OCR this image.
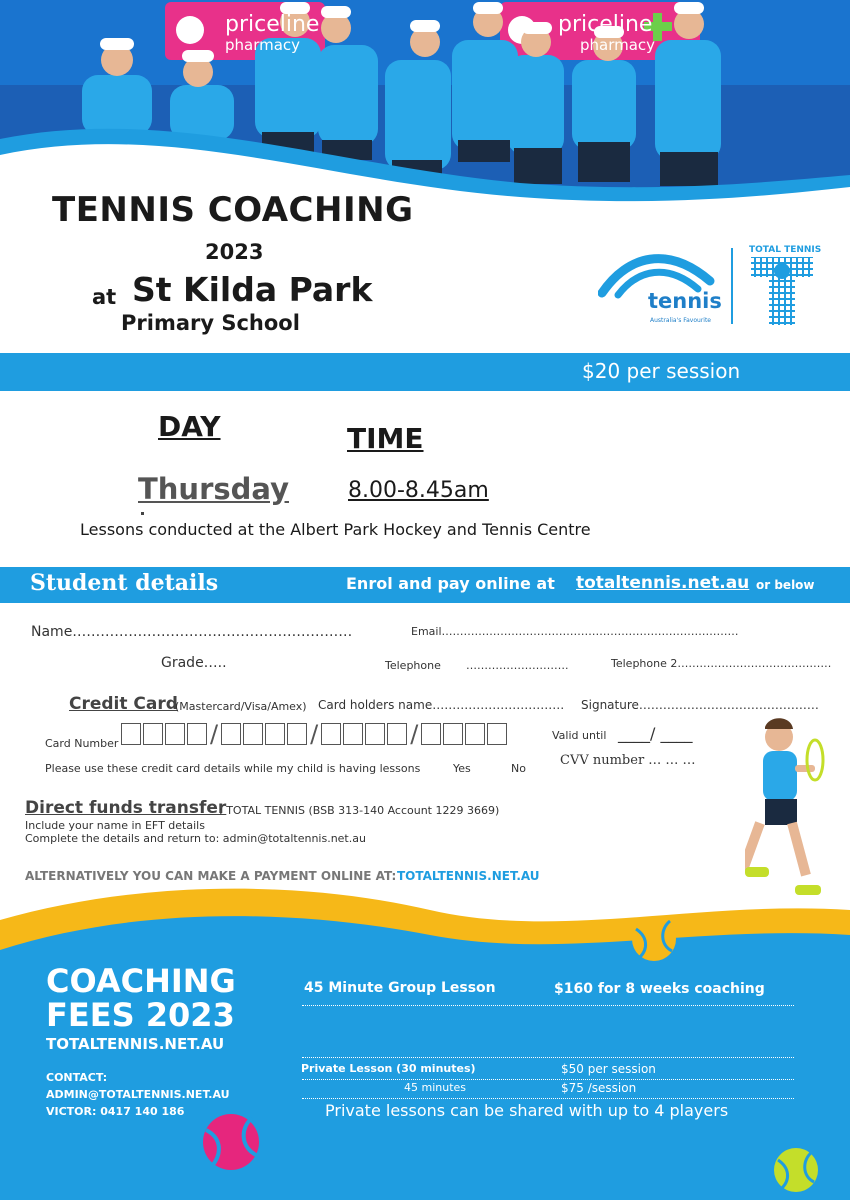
priceline
pharmacy
priceline
pharmacy
TENNIS COACHING
2023
at St Kilda Park
Primary School
tennis
Australia's Favourite
TOTAL TENNIS
$20 per session
DAY	TIME
Thursday	8.00-8.45am
Lessons conducted at the Albert Park Hockey and Tennis Centre
Student details	Enrol and pay online at totaltennis.net.au or below
Name……………………………………………………	Email………………………………………………………………………
Grade…..	Telephone ……………………….	Telephone 2……………………………………
Credit Card
(Mastercard/Visa/Amex) Card holders name…………………………… Signature………………………………………
Card Number	/	/	/	Valid until ____/ ____
CVV number … … …
Please use these credit card details while my child is having lessons	Yes	No
Direct funds transfer
: TOTAL TENNIS (BSB 313-140 Account 1229 3669)
Include your name in EFT details
Complete the details and return to: admin@totaltennis.net.au
ALTERNATIVELY YOU CAN MAKE A PAYMENT ONLINE AT: TOTALTENNIS.NET.AU
COACHING
FEES 2023
TOTALTENNIS.NET.AU
CONTACT:
ADMIN@TOTALTENNIS.NET.AU
VICTOR: 0417 140 186
45 Minute Group Lesson	$160 for 8 weeks coaching
Private Lesson (30 minutes)	$50 per session
45 minutes	$75 /session
Private lessons can be shared with up to 4 players
